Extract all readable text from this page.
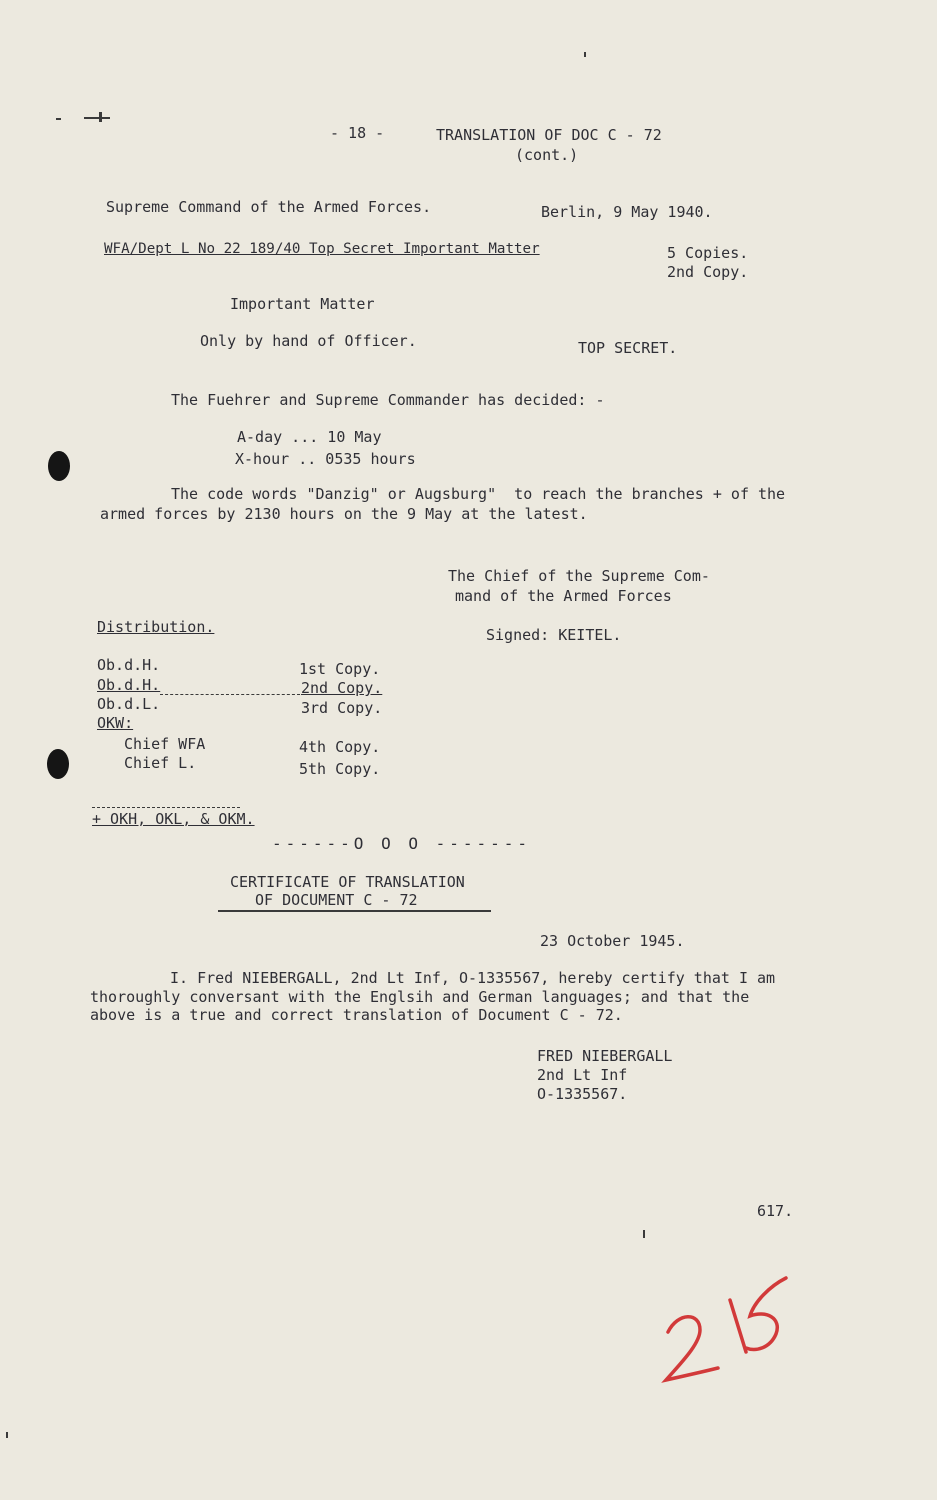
- 18 -	TRANSLATION OF DOC C - 72
(cont.)
Supreme Command of the Armed Forces.	Berlin, 9 May 1940.
WFA/Dept L No 22 189/40 Top Secret Important Matter	5 Copies.
2nd Copy.
Important Matter
Only by hand of Officer.	TOP SECRET.
The Fuehrer and Supreme Commander has decided: -
A-day ... 10 May
X-hour .. 0535 hours
The code words "Danzig" or Augsburg"  to reach the branches + of the
armed forces by 2130 hours on the 9 May at the latest.
The Chief of the Supreme Com-
mand of the Armed Forces
Signed: KEITEL.
Distribution.
Ob.d.H.	1st Copy.
Ob.d.H.	2nd Copy.
Ob.d.L.	3rd Copy.
OKW:
Chief WFA	4th Copy.
Chief L.	5th Copy.
+ OKH, OKL, & OKM.
------O O O -------
CERTIFICATE OF TRANSLATION
OF DOCUMENT C - 72
23 October 1945.
I. Fred NIEBERGALL, 2nd Lt Inf, O-1335567, hereby certify that I am
thoroughly conversant with the Englsih and German languages; and that the
above is a true and correct translation of Document C - 72.
FRED NIEBERGALL
2nd Lt Inf
O-1335567.
617.
